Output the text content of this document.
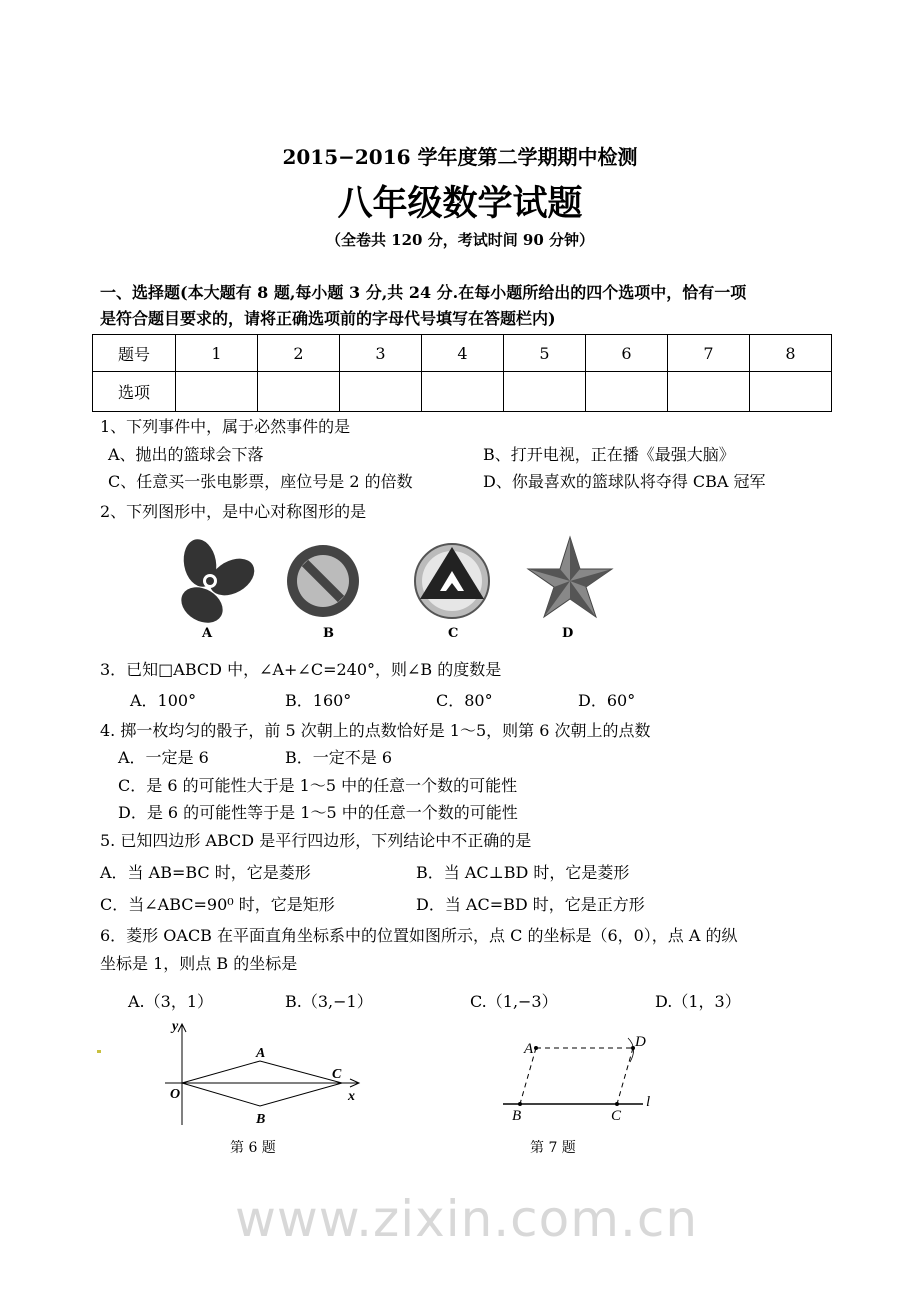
2015−2016 学年度第二学期期中检测
八年级数学试题
（全卷共 120 分，考试时间 90 分钟）
一、选择题(本大题有 8 题,每小题 3 分,共 24 分.在每小题所给出的四个选项中，恰有一项
是符合题目要求的，请将正确选项前的字母代号填写在答题栏内)
题号	1	2	3	4	5	6	7	8
选项								
1、下列事件中，属于必然事件的是
A、抛出的篮球会下落	B、打开电视，正在播《最强大脑》
C、任意买一张电影票，座位号是 2 的倍数	D、你最喜欢的篮球队将夺得 CBA 冠军
2、下列图形中，是中心对称图形的是
A	B	C	D
3．已知□ABCD 中，∠A+∠C=240°，则∠B 的度数是
A．100°	B．160°	C．80°	D．60°
4. 掷一枚均匀的骰子，前 5 次朝上的点数恰好是 1～5，则第 6 次朝上的点数
A．一定是 6	B．一定不是 6
C．是 6 的可能性大于是 1～5 中的任意一个数的可能性
D．是 6 的可能性等于是 1～5 中的任意一个数的可能性
5. 已知四边形 ABCD 是平行四边形，下列结论中不正确的是
A．当 AB=BC 时，它是菱形	B．当 AC⊥BD 时，它是菱形
C．当∠ABC=90⁰ 时，它是矩形	D．当 AC=BD 时，它是正方形
6．菱形 OACB 在平面直角坐标系中的位置如图所示，点 C 的坐标是（6，0），点 A 的纵
坐标是 1，则点 B 的坐标是
A.（3，1）	B.（3,−1）	C.（1,−3）	D.（1，3）
y
x
O
A
B
C
第 6 题
A	D
B	C
l
第 7 题
www.zixin.com.cn
